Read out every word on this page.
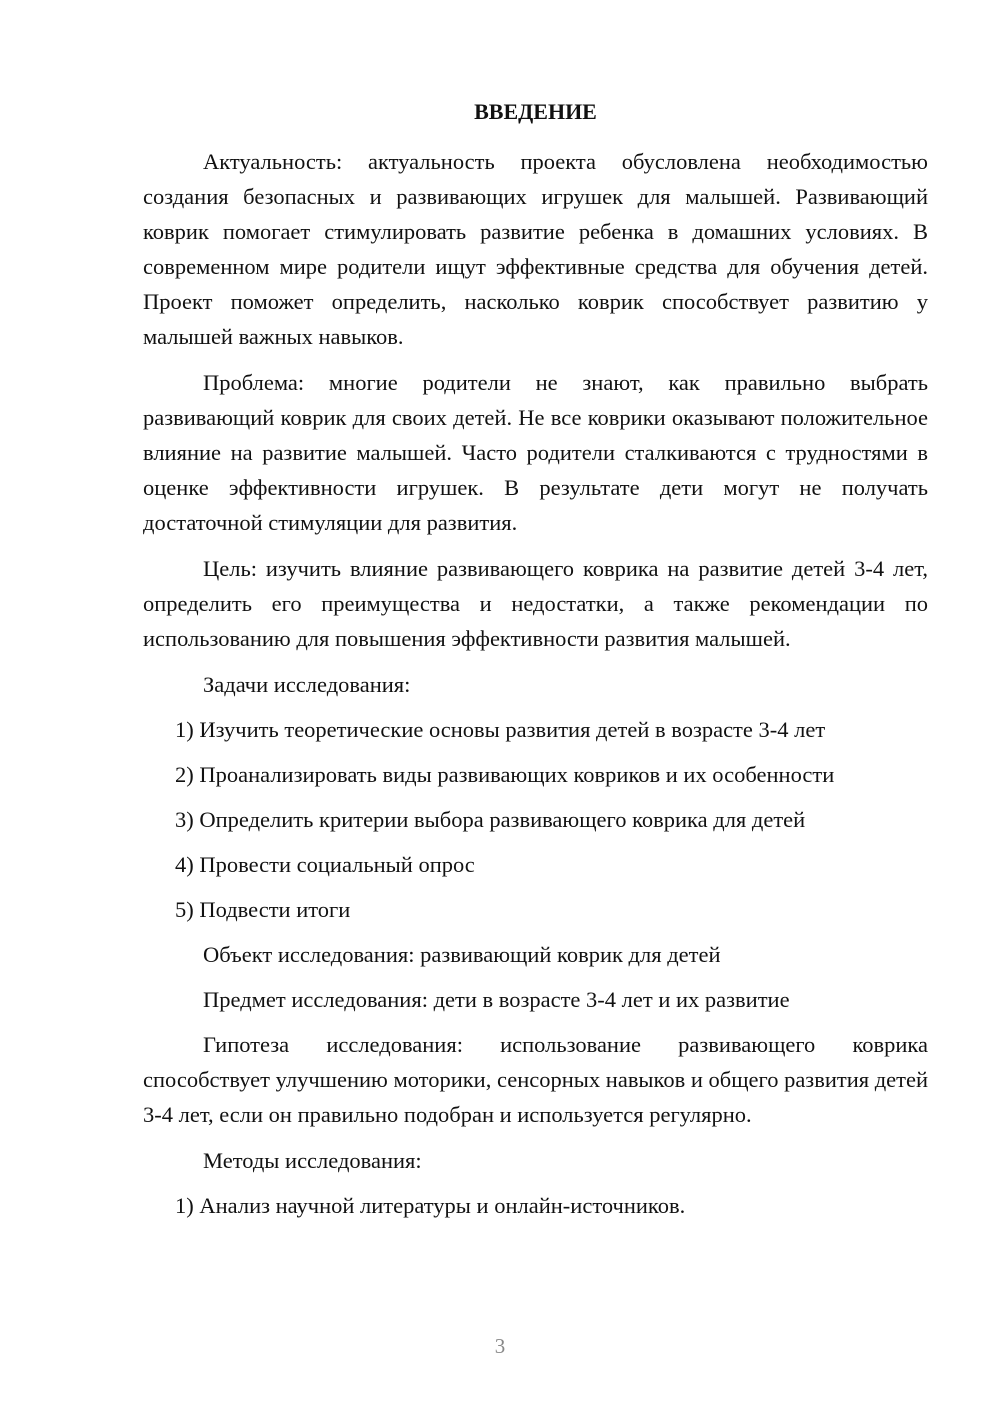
ВВЕДЕНИЕ

Актуальность: актуальность проекта обусловлена необходимостью создания безопасных и развивающих игрушек для малышей. Развивающий коврик помогает стимулировать развитие ребенка в домашних условиях. В современном мире родители ищут эффективные средства для обучения детей. Проект поможет определить, насколько коврик способствует развитию у малышей важных навыков.

Проблема: многие родители не знают, как правильно выбрать развивающий коврик для своих детей. Не все коврики оказывают положительное влияние на развитие малышей. Часто родители сталкиваются с трудностями в оценке эффективности игрушек. В результате дети могут не получать достаточной стимуляции для развития.

Цель: изучить влияние развивающего коврика на развитие детей 3-4 лет, определить его преимущества и недостатки, а также рекомендации по использованию для повышения эффективности развития малышей.

Задачи исследования:
1) Изучить теоретические основы развития детей в возрасте 3-4 лет
2) Проанализировать виды развивающих ковриков и их особенности
3) Определить критерии выбора развивающего коврика для детей
4) Провести социальный опрос
5) Подвести итоги
Объект исследования: развивающий коврик для детей
Предмет исследования: дети в возрасте 3-4 лет и их развитие

Гипотеза исследования: использование развивающего коврика способствует улучшению моторики, сенсорных навыков и общего развития детей 3-4 лет, если он правильно подобран и используется регулярно.

Методы исследования:
1) Анализ научной литературы и онлайн-источников.
3
